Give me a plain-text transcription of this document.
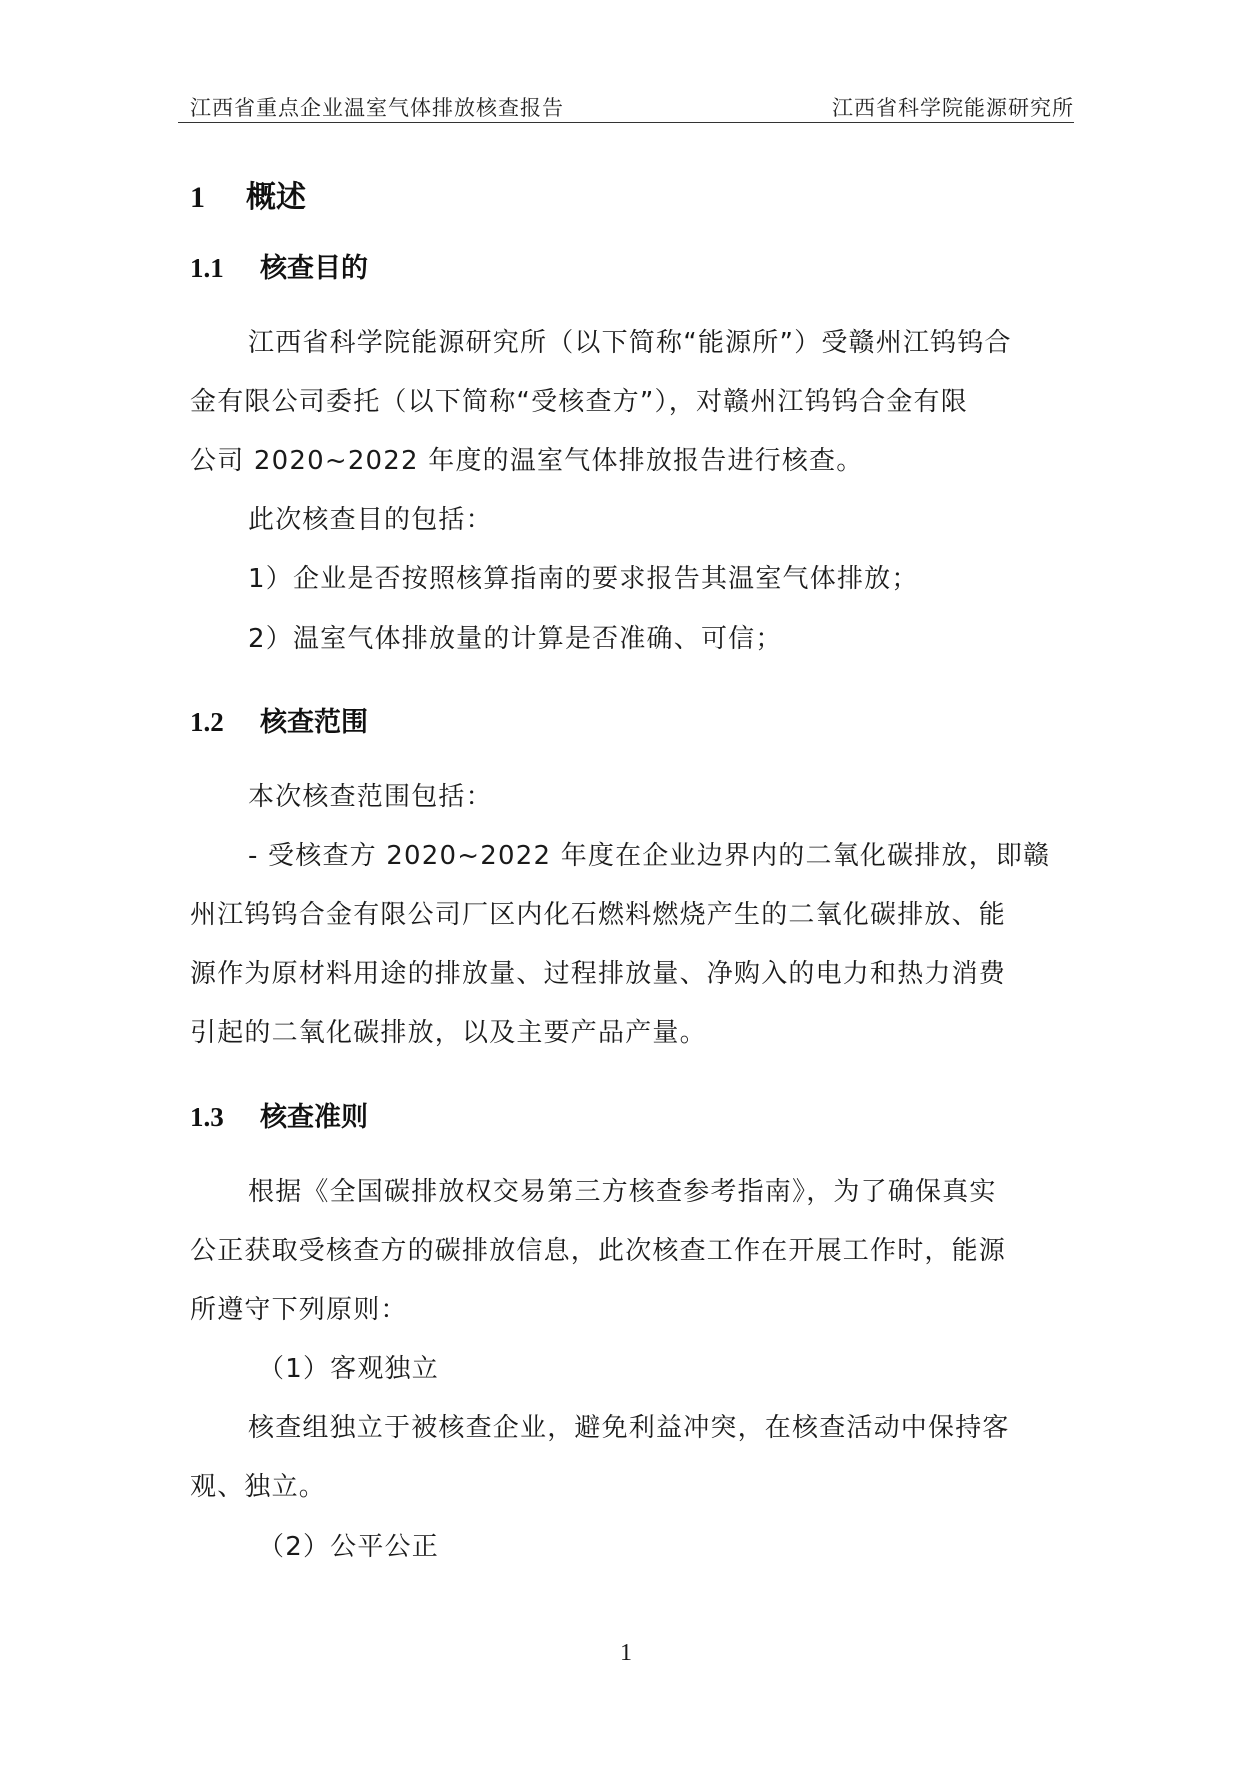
江西省重点企业温室气体排放核查报告	江西省科学院能源研究所
1 概述
1.1 核查目的
江西省科学院能源研究所（以下简称“能源所”）受赣州江钨钨合
金有限公司委托（以下简称“受核查方”），对赣州江钨钨合金有限
公司 2020~2022 年度的温室气体排放报告进行核查。
此次核查目的包括：
1）企业是否按照核算指南的要求报告其温室气体排放；
2）温室气体排放量的计算是否准确、可信；
1.2 核查范围
本次核查范围包括：
- 受核查方 2020~2022 年度在企业边界内的二氧化碳排放，即赣
州江钨钨合金有限公司厂区内化石燃料燃烧产生的二氧化碳排放、能
源作为原材料用途的排放量、过程排放量、净购入的电力和热力消费
引起的二氧化碳排放，以及主要产品产量。
1.3 核查准则
根据《全国碳排放权交易第三方核查参考指南》，为了确保真实
公正获取受核查方的碳排放信息，此次核查工作在开展工作时，能源
所遵守下列原则：
（1）客观独立
核查组独立于被核查企业，避免利益冲突，在核查活动中保持客
观、独立。
（2）公平公正
1
